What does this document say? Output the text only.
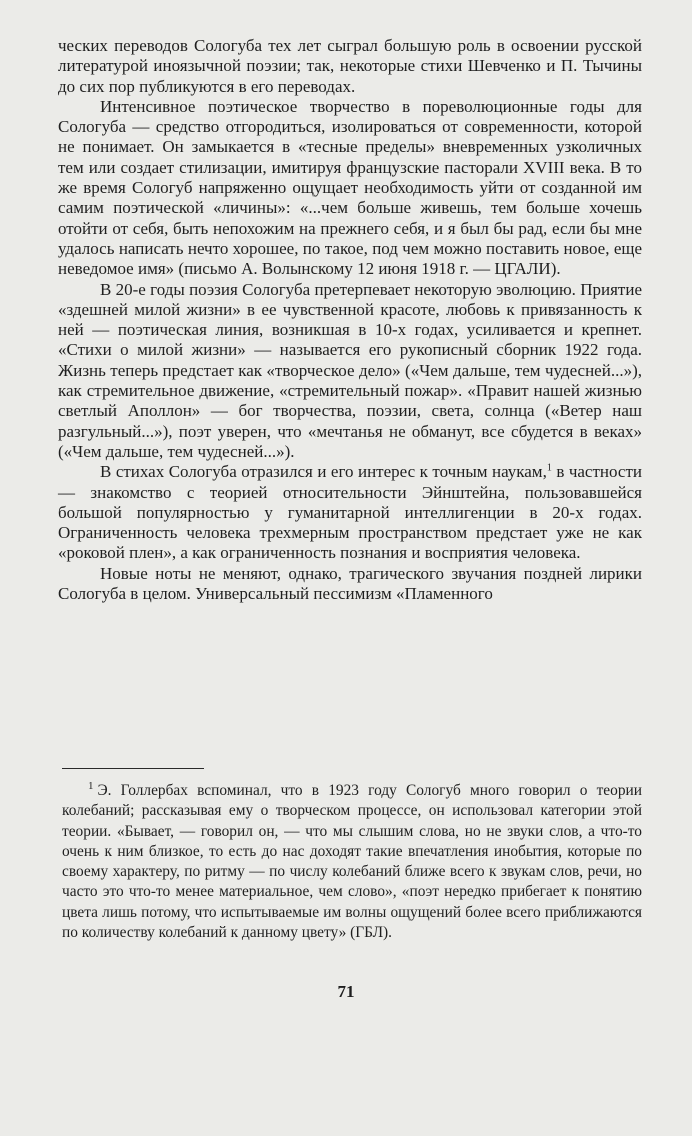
ческих переводов Сологуба тех лет сыграл большую роль в освоении русской литературой иноязычной поэзии; так, некоторые стихи Шевченко и П. Тычины до сих пор публикуются в его переводах.

Интенсивное поэтическое творчество в пореволюционные годы для Сологуба — средство отгородиться, изолироваться от современности, которой не понимает. Он замыкается в «тесные пределы» вневременных узколичных тем или создает стилизации, имитируя французские пасторали XVIII века. В то же время Сологуб напряженно ощущает необходимость уйти от созданной им самим поэтической «личины»: «...чем больше живешь, тем больше хочешь отойти от себя, быть непохожим на прежнего себя, и я был бы рад, если бы мне удалось написать нечто хорошее, по такое, под чем можно поставить новое, еще неведомое имя» (письмо А. Волынскому 12 июня 1918 г. — ЦГАЛИ).

В 20-е годы поэзия Сологуба претерпевает некоторую эволюцию. Приятие «здешней милой жизни» в ее чувственной красоте, любовь к привязанность к ней — поэтическая линия, возникшая в 10-х годах, усиливается и крепнет. «Стихи о милой жизни» — называется его рукописный сборник 1922 года. Жизнь теперь предстает как «творческое дело» («Чем дальше, тем чудесней...»), как стремительное движение, «стремительный пожар». «Правит нашей жизнью светлый Аполлон» — бог творчества, поэзии, света, солнца («Ветер наш разгульный...»), поэт уверен, что «мечтанья не обманут, все сбудется в веках» («Чем дальше, тем чудесней...»).

В стихах Сологуба отразился и его интерес к точным наукам,$^1$ в частности — знакомство с теорией относительности Эйнштейна, пользовавшейся большой популярностью у гуманитарной интеллигенции в 20-х годах. Ограниченность человека трехмерным пространством предстает уже не как «роковой плен», а как ограниченность познания и восприятия человека.

Новые ноты не меняют, однако, трагического звучания поздней лирики Сологуба в целом. Универсальный пессимизм «Пламенного

$^1$ Э. Голлербах вспоминал, что в 1923 году Сологуб много говорил о теории колебаний; рассказывая ему о творческом процессе, он использовал категории этой теории. «Бывает, — говорил он, — что мы слышим слова, но не звуки слов, а что-то очень к ним близкое, то есть до нас доходят такие впечатления инобытия, которые по своему характеру, по ритму — по числу колебаний ближе всего к звукам слов, речи, но часто это что-то менее материальное, чем слово», «поэт нередко прибегает к понятию цвета лишь потому, что испытываемые им волны ощущений более всего приближаются по количеству колебаний к данному цвету» (ГБЛ).

71
